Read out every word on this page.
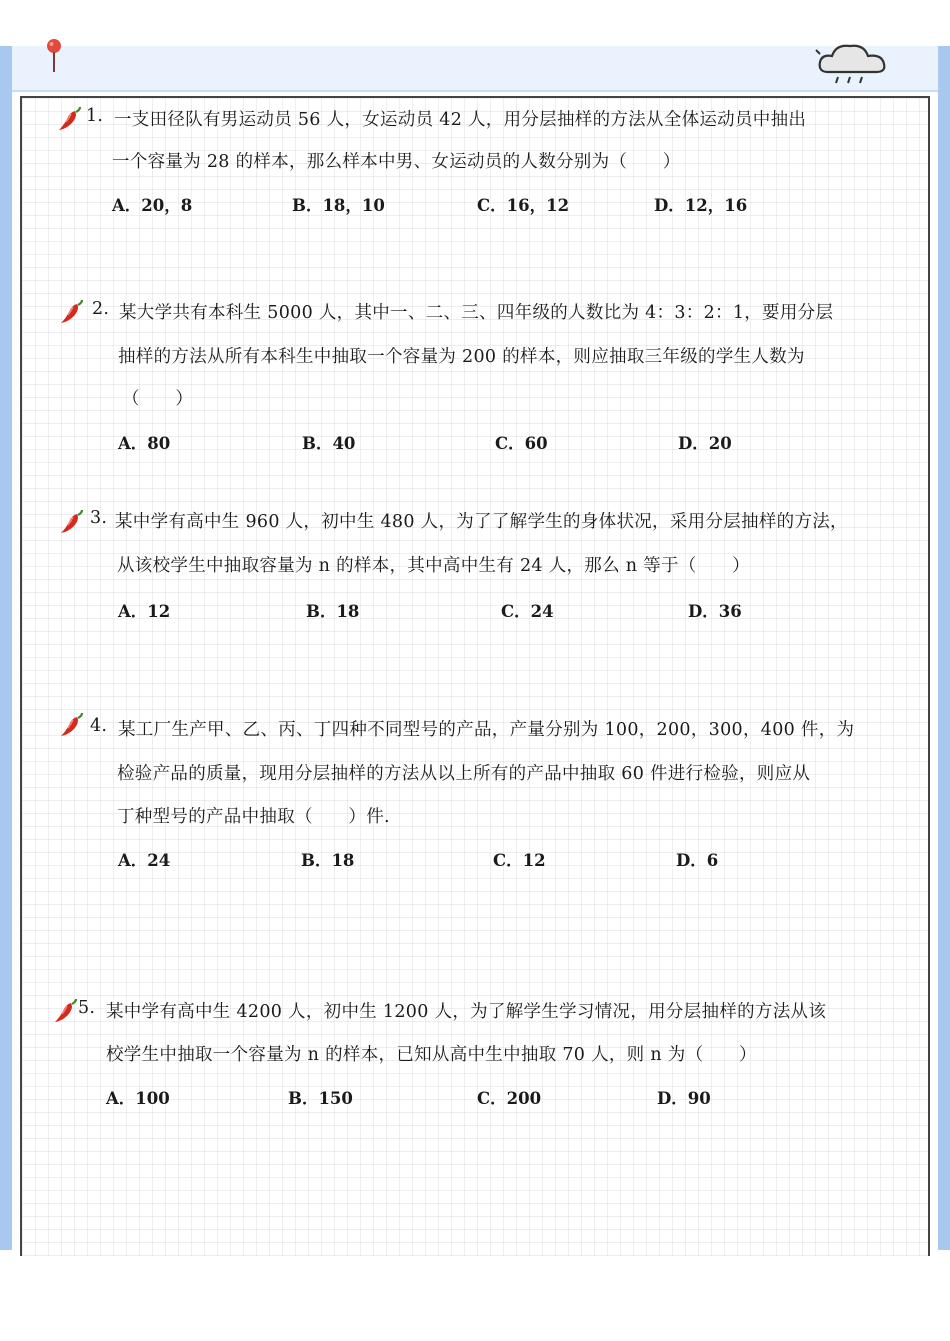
1. 一支田径队有男运动员 56 人，女运动员 42 人，用分层抽样的方法从全体运动员中抽出
一个容量为 28 的样本，那么样本中男、女运动员的人数分别为（　　）
A．20，8	B．18，10	C．16，12	D．12，16
2. 某大学共有本科生 5000 人，其中一、二、三、四年级的人数比为 4：3：2：1，要用分层
抽样的方法从所有本科生中抽取一个容量为 200 的样本，则应抽取三年级的学生人数为
（　　）
A．80	B．40	C．60	D．20
3. 某中学有高中生 960 人，初中生 480 人，为了了解学生的身体状况，采用分层抽样的方法，
从该校学生中抽取容量为 n 的样本，其中高中生有 24 人，那么 n 等于（　　）
A．12	B．18	C．24	D．36
4. 某工厂生产甲、乙、丙、丁四种不同型号的产品，产量分别为 100，200，300，400 件，为
检验产品的质量，现用分层抽样的方法从以上所有的产品中抽取 60 件进行检验，则应从
丁种型号的产品中抽取（　　）件.
A．24	B．18	C．12	D．6
5. 某中学有高中生 4200 人，初中生 1200 人，为了解学生学习情况，用分层抽样的方法从该
校学生中抽取一个容量为 n 的样本，已知从高中生中抽取 70 人，则 n 为（　　）
A．100	B．150	C．200	D．90
